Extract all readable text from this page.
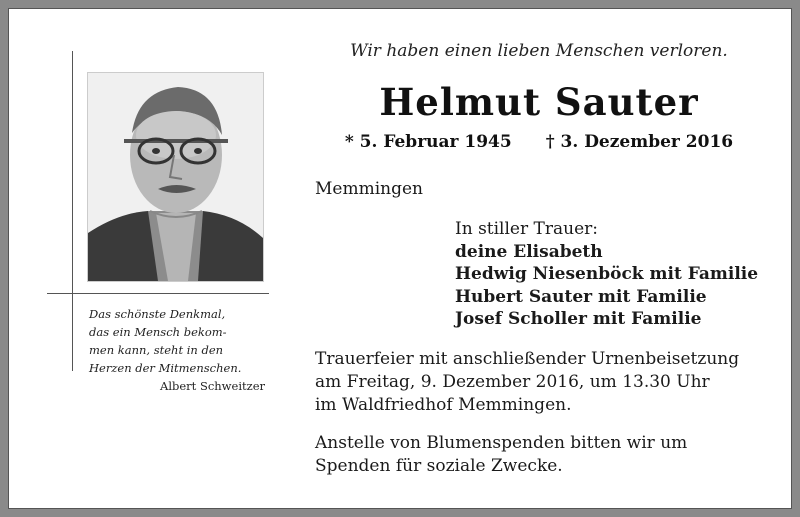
Das schönste Denkmal,
das ein Mensch bekom-
men kann, steht in den
Herzen der Mitmenschen.
Albert Schweitzer
Wir haben einen lieben Menschen verloren.
Helmut Sauter
* 5. Februar 1945 † 3. Dezember 2016
Memmingen
In stiller Trauer:
deine Elisabeth
Hedwig Niesenböck mit Familie
Hubert Sauter mit Familie
Josef Scholler mit Familie
Trauerfeier mit anschließender Urnenbeisetzung
am Freitag, 9. Dezember 2016, um 13.30 Uhr
im Waldfriedhof Memmingen.
Anstelle von Blumenspenden bitten wir um
Spenden für soziale Zwecke.
